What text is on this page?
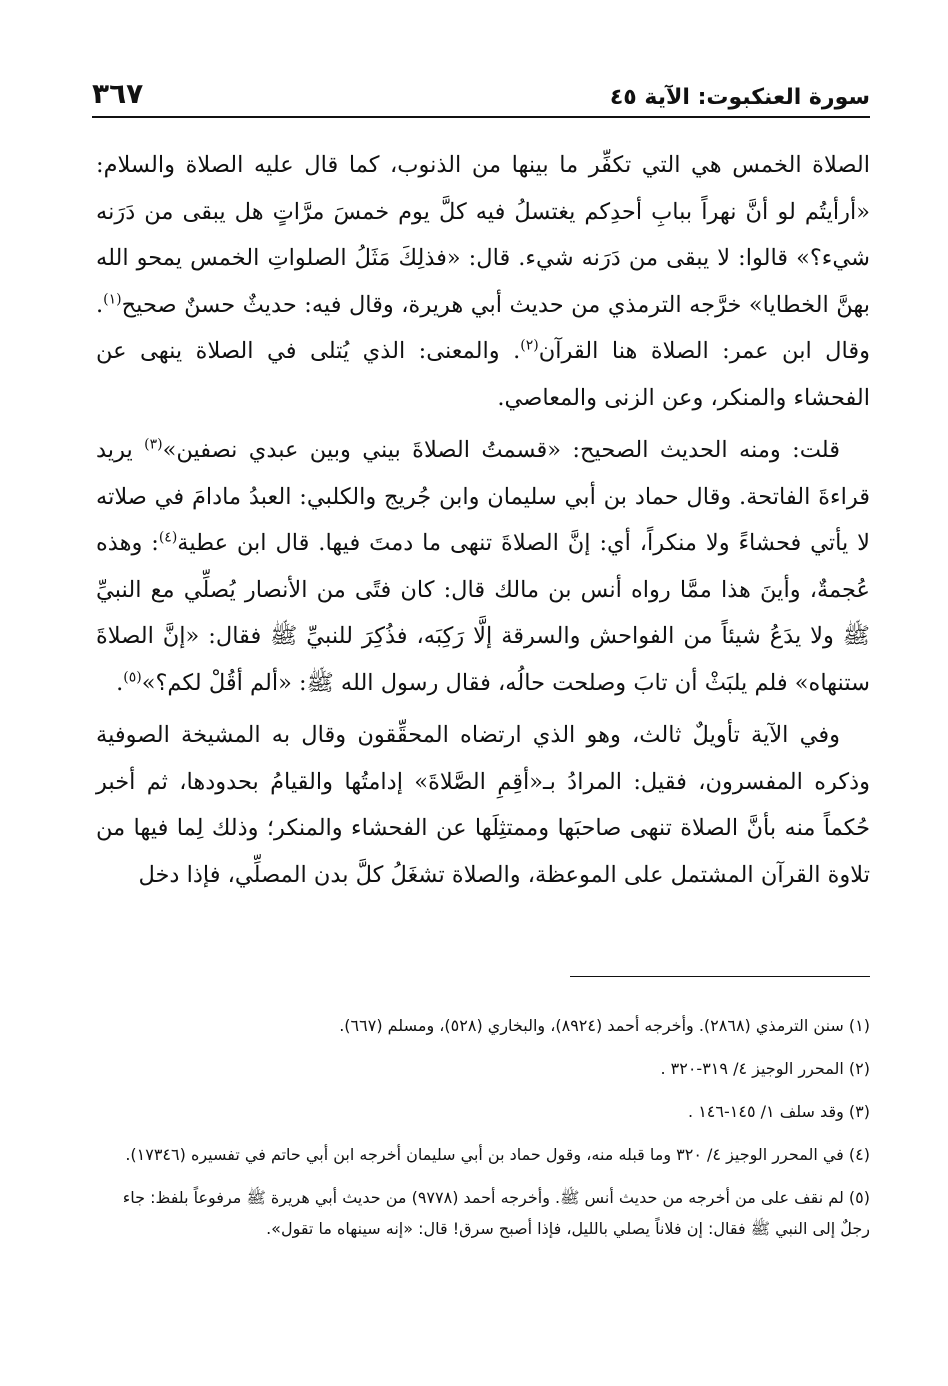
سورة العنكبوت: الآية ٤٥
٣٦٧

الصلاة الخمس هي التي تكفِّر ما بينها من الذنوب، كما قال عليه الصلاة والسلام: «أرأيتُم لو أنَّ نهراً ببابِ أحدِكم يغتسلُ فيه كلَّ يوم خمسَ مرَّاتٍ هل يبقى من دَرَنه شيء؟» قالوا: لا يبقى من دَرَنه شيء. قال: «فذلِكَ مَثَلُ الصلواتِ الخمس يمحو الله بهنَّ الخطايا» خرَّجه الترمذي من حديث أبي هريرة، وقال فيه: حديثٌ حسنٌ صحيح$^{(١)}$. وقال ابن عمر: الصلاة هنا القرآن$^{(٢)}$. والمعنى: الذي يُتلى في الصلاة ينهى عن الفحشاء والمنكر، وعن الزنى والمعاصي.

قلت: ومنه الحديث الصحيح: «قسمتُ الصلاةَ بيني وبين عبدي نصفين»$^{(٣)}$ يريد قراءةَ الفاتحة. وقال حماد بن أبي سليمان وابن جُريج والكلبي: العبدُ مادامَ في صلاته لا يأتي فحشاءً ولا منكراً، أي: إنَّ الصلاةَ تنهى ما دمتَ فيها. قال ابن عطية$^{(٤)}$: وهذه عُجمةٌ، وأينَ هذا ممَّا رواه أنس بن مالك قال: كان فتًى من الأنصار يُصلِّي مع النبيِّ ﷺ ولا يدَعُ شيئاً من الفواحش والسرقة إلَّا رَكِبَه، فذُكِرَ للنبيِّ ﷺ فقال: «إنَّ الصلاةَ ستنهاه» فلم يلبَثْ أن تابَ وصلحت حالُه، فقال رسول الله ﷺ: «ألم أقُلْ لكم؟»$^{(٥)}$.

وفي الآية تأويلٌ ثالث، وهو الذي ارتضاه المحقِّقون وقال به المشيخة الصوفية وذكره المفسرون، فقيل: المرادُ بـ«أقِمِ الصَّلاةَ» إدامتُها والقيامُ بحدودها، ثم أخبر حُكماً منه بأنَّ الصلاة تنهى صاحبَها وممتثِلَها عن الفحشاء والمنكر؛ وذلك لِما فيها من تلاوة القرآن المشتمل على الموعظة، والصلاة تشغَلُ كلَّ بدن المصلِّي، فإذا دخل

(١) سنن الترمذي (٢٨٦٨). وأخرجه أحمد (٨٩٢٤)، والبخاري (٥٢٨)، ومسلم (٦٦٧).

(٢) المحرر الوجيز ٤/ ٣١٩-٣٢٠ .

(٣) وقد سلف ١/ ١٤٥-١٤٦ .

(٤) في المحرر الوجيز ٤/ ٣٢٠ وما قبله منه، وقول حماد بن أبي سليمان أخرجه ابن أبي حاتم في تفسيره (١٧٣٤٦).

(٥) لم نقف على من أخرجه من حديث أنس ﷺ. وأخرجه أحمد (٩٧٧٨) من حديث أبي هريرة ﷺ مرفوعاً بلفظ: جاء رجلٌ إلى النبي ﷺ فقال: إن فلاناً يصلي بالليل، فإذا أصبح سرق! قال: «إنه سينهاه ما تقول».
